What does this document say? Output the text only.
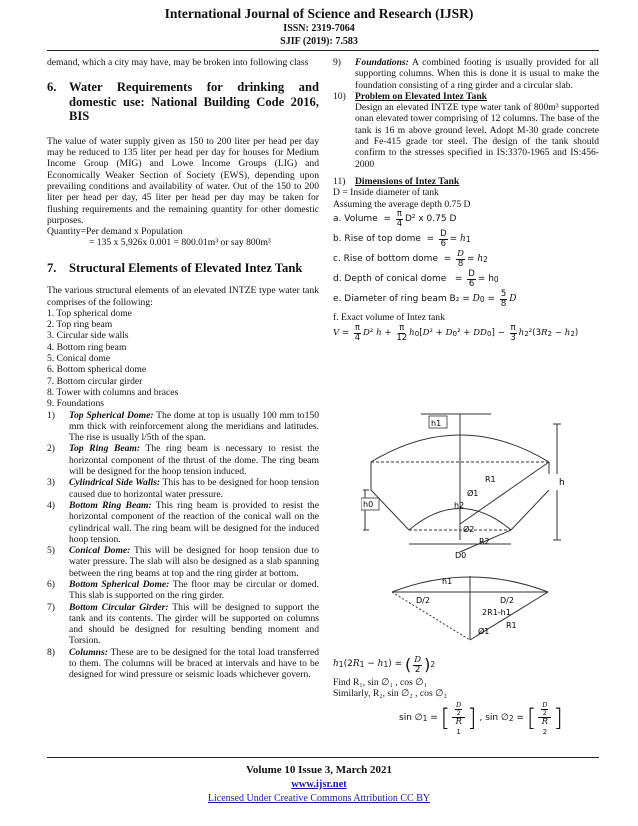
International Journal of Science and Research (IJSR)
ISSN: 2319-7064
SJIF (2019): 7.583

demand, which a city may have, may be broken into following class

6. Water Requirements for drinking and domestic use: National Building Code 2016, BIS

The value of water supply given as 150 to 200 liter per head per day may be reduced to 135 liter per head per day for houses for Medium Income Group (MIG) and Lowe Income Groups (LIG) and Economically Weaker Section of Society (EWS), depending upon prevailing conditions and availability of water. Out of the 150 to 200 liter per head per day, 45 liter per head per day may be taken for flushing requirements and the remaining quantity for other domestic purposes.

Quantity=Per demand x Population

= 135 x 5,926x 0.001 = 800.01m³ or say 800m³

7. Structural Elements of Elevated Intez Tank

The various structural elements of an elevated INTZE type water tank comprises of the following:

1. Top spherical dome
2. Top ring beam
3. Circular side walls
4. Bottom ring beam
5. Conical dome
6. Bottom spherical dome
7. Bottom circular girder
8. Tower with columns and braces
9. Foundations
1)	Top Spherical Dome: The dome at top is usually 100 mm to150 mm thick with reinforcement along the meridians and latitudes. The rise is usually l/5th of the span.
2)	Top Ring Beam: The ring beam is necessary to resist the horizontal component of the thrust of the dome. The ring beam will be designed for the hoop tension induced.
3)	Cylindrical Side Walls: This has to be designed for hoop tension caused due to horizontal water pressure.
4)	Bottom Ring Beam: This ring beam is provided to resist the horizontal component of the reaction of the conical wall on the cylindrical wall. The ring beam will be designed for the induced hoop tension.
5)	Conical Dome: This will be designed for hoop tension due to water pressure. The slab will also be designed as a slab spanning between the ring beams at top and the ring girder at bottom.
6)	Bottom Spherical Dome: The floor may be circular or domed. This slab is supported on the ring girder.
7)	Bottom Circular Girder: This will be designed to support the tank and its contents. The girder will be supported on columns and should be designed for resulting bending moment and Torsion.
8)	Columns: These are to be designed for the total load transferred to them. The columns will be braced at intervals and have to be designed for wind pressure or seismic loads whichever govern.
9)	Foundations: A combined footing is usually provided for all supporting columns. When this is done it is usual to make the foundation consisting of a ring girder and a circular slab.
10) Problem on Elevated Intez Tank

Design an elevated INTZE type water tank of 800m³ supported onan elevated tower comprising of 12 columns. The base of the tank is 16 m above ground level. Adopt M-30 grade concrete and Fe-415 grade tor steel. The design of the tank should confirm to the stresses specified in IS:3370-1965 and IS:456-2000

11) Dimensions of Intez Tank

D = Inside diameter of tank

Assuming the average depth 0.75 D

a. Volume = $\frac{\pi}{4} D^2$ x 0.75 D
b. Rise of top dome = $\frac{D}{6} = h$ 1
c. Rise of bottom dome = $\frac{D}{8} = h$ 2
d. Depth of conical dome = $\frac{D}{6} = h$ 0
e. Diameter of ring beam B₂ = D $0 = \frac{5}{8}$ D

f. Exact volume of Intez tank

$V = \frac{\pi}{4}$ D ² $h + \frac{\pi}{12}$ h 0 [ D ² + D 0 ² + DD 0 ] − $\frac{\pi}{3}$ h 2 ²(3 R 2 − h 2 )
h1
Ø1
R1	h
h0	h2
Ø2
R2
D0
h1
D/2	D/2
2R1-h1
Ø1
R1
h 1 (2 R 1 − h 1 ) = ( $\frac{D}{2}$ ) 2

Find R₁, sin ∅₁ , cos ∅₁

Similarly, R₂, sin ∅₂ , cos ∅₂

sin ∅ 1 = [ $\frac{D}{2}$
R
1 ] , sin ∅ 2 = [ $\frac{D}{2}$
R
2 ]
Volume 10 Issue 3, March 2021
www.ijsr.net
Licensed Under Creative Commons Attribution CC BY
